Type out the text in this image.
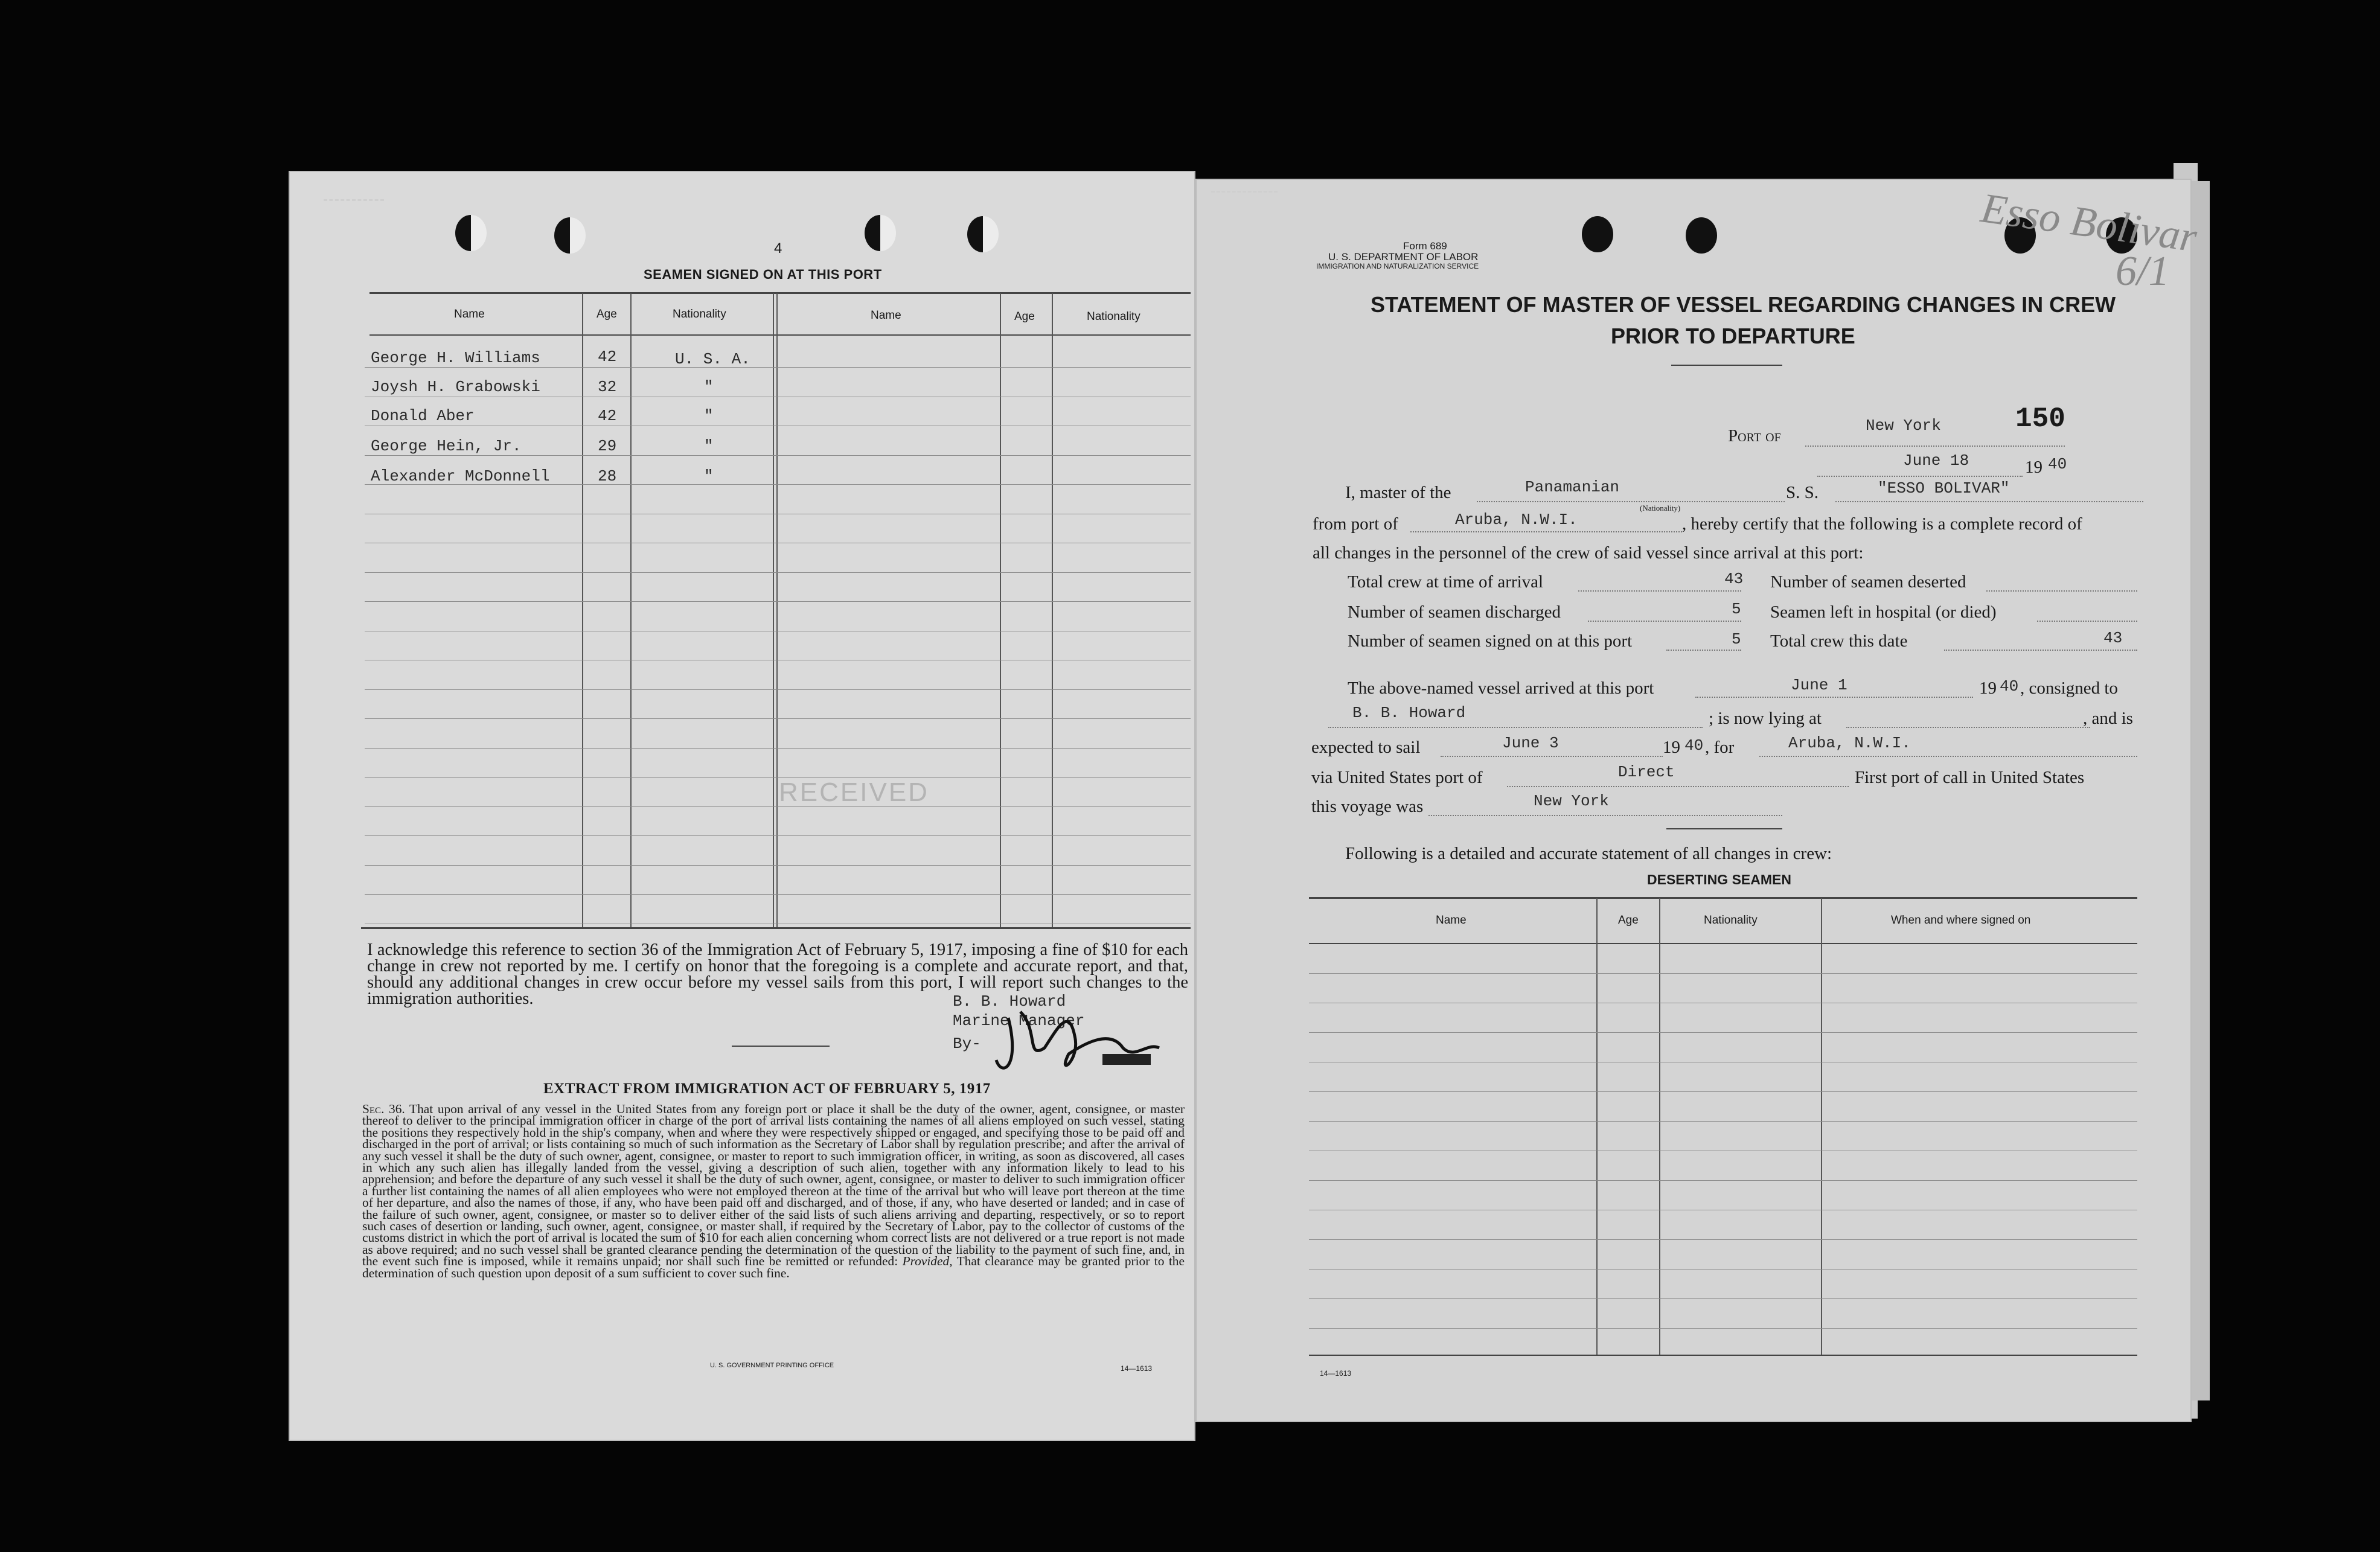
4
SEAMEN SIGNED ON AT THIS PORT
Name	Age	Nationality	Name	Age	Nationality
George H. Williams	42	U. S. A.
Joysh H. Grabowski	32	"
Donald Aber	42	"
George Hein, Jr.	29	"
Alexander McDonnell	28	"
RECEIVED
I acknowledge this reference to section 36 of the Immigration Act of February 5, 1917, imposing a fine of $10 for each change in crew not reported by me. I certify on honor that the foregoing is a complete and accurate report, and that, should any additional changes in crew occur before my vessel sails from this port, I will report such changes to the immigration authorities.	B. B. Howard
Marine Manager
By-
EXTRACT FROM IMMIGRATION ACT OF FEBRUARY 5, 1917
Sec. 36. That upon arrival of any vessel in the United States from any foreign port or place it shall be the duty of the owner, agent, consignee, or master thereof to deliver to the principal immigration officer in charge of the port of arrival lists containing the names of all aliens employed on such vessel, stating the positions they respectively hold in the ship's company, when and where they were respectively shipped or engaged, and specifying those to be paid off and discharged in the port of arrival; or lists containing so much of such information as the Secretary of Labor shall by regulation prescribe; and after the arrival of any such vessel it shall be the duty of such owner, agent, consignee, or master to report to such immigration officer, in writing, as soon as discovered, all cases in which any such alien has illegally landed from the vessel, giving a description of such alien, together with any information likely to lead to his apprehension; and before the departure of any such vessel it shall be the duty of such owner, agent, consignee, or master to deliver to such immigration officer a further list containing the names of all alien employees who were not employed thereon at the time of the arrival but who will leave port thereon at the time of her departure, and also the names of those, if any, who have been paid off and discharged, and of those, if any, who have deserted or landed; and in case of the failure of such owner, agent, consignee, or master so to deliver either of the said lists of such aliens arriving and departing, respectively, or so to report such cases of desertion or landing, such owner, agent, consignee, or master shall, if required by the Secretary of Labor, pay to the collector of customs of the customs district in which the port of arrival is located the sum of $10 for each alien concerning whom correct lists are not delivered or a true report is not made as above required; and no such vessel shall be granted clearance pending the determination of the question of the liability to the payment of such fine, and, in the event such fine is imposed, while it remains unpaid; nor shall such fine be remitted or refunded: Provided, That clearance may be granted prior to the determination of such question upon deposit of a sum sufficient to cover such fine.
U. S. GOVERNMENT PRINTING OFFICE	14—1613
Form 689
U. S. DEPARTMENT OF LABOR
IMMIGRATION AND NATURALIZATION SERVICE
STATEMENT OF MASTER OF VESSEL REGARDING CHANGES IN CREW
PRIOR TO DEPARTURE
Port of
New York	150
June 18	19 40
I, master of the	Panamanian
(Nationality)
S. S.	"ESSO BOLIVAR"
from port of	Aruba, N.W.I.	, hereby certify that the following is a complete record of
all changes in the personnel of the crew of said vessel since arrival at this port:
Total crew at time of arrival	43 Number of seamen deserted
Number of seamen discharged	5 Seamen left in hospital (or died)
Number of seamen signed on at this port	5 Total crew this date	43
The above-named vessel arrived at this port	June 1	19 40 , consigned to
B. B. Howard	; is now lying at	, and is
expected to sail	June 3	19 40 , for	Aruba, N.W.I.
via United States port of	Direct	First port of call in United States
this voyage was	New York
Following is a detailed and accurate statement of all changes in crew:
DESERTING SEAMEN
Name	Age	Nationality	When and where signed on
14—1613
Esso Bolivar
6/1
